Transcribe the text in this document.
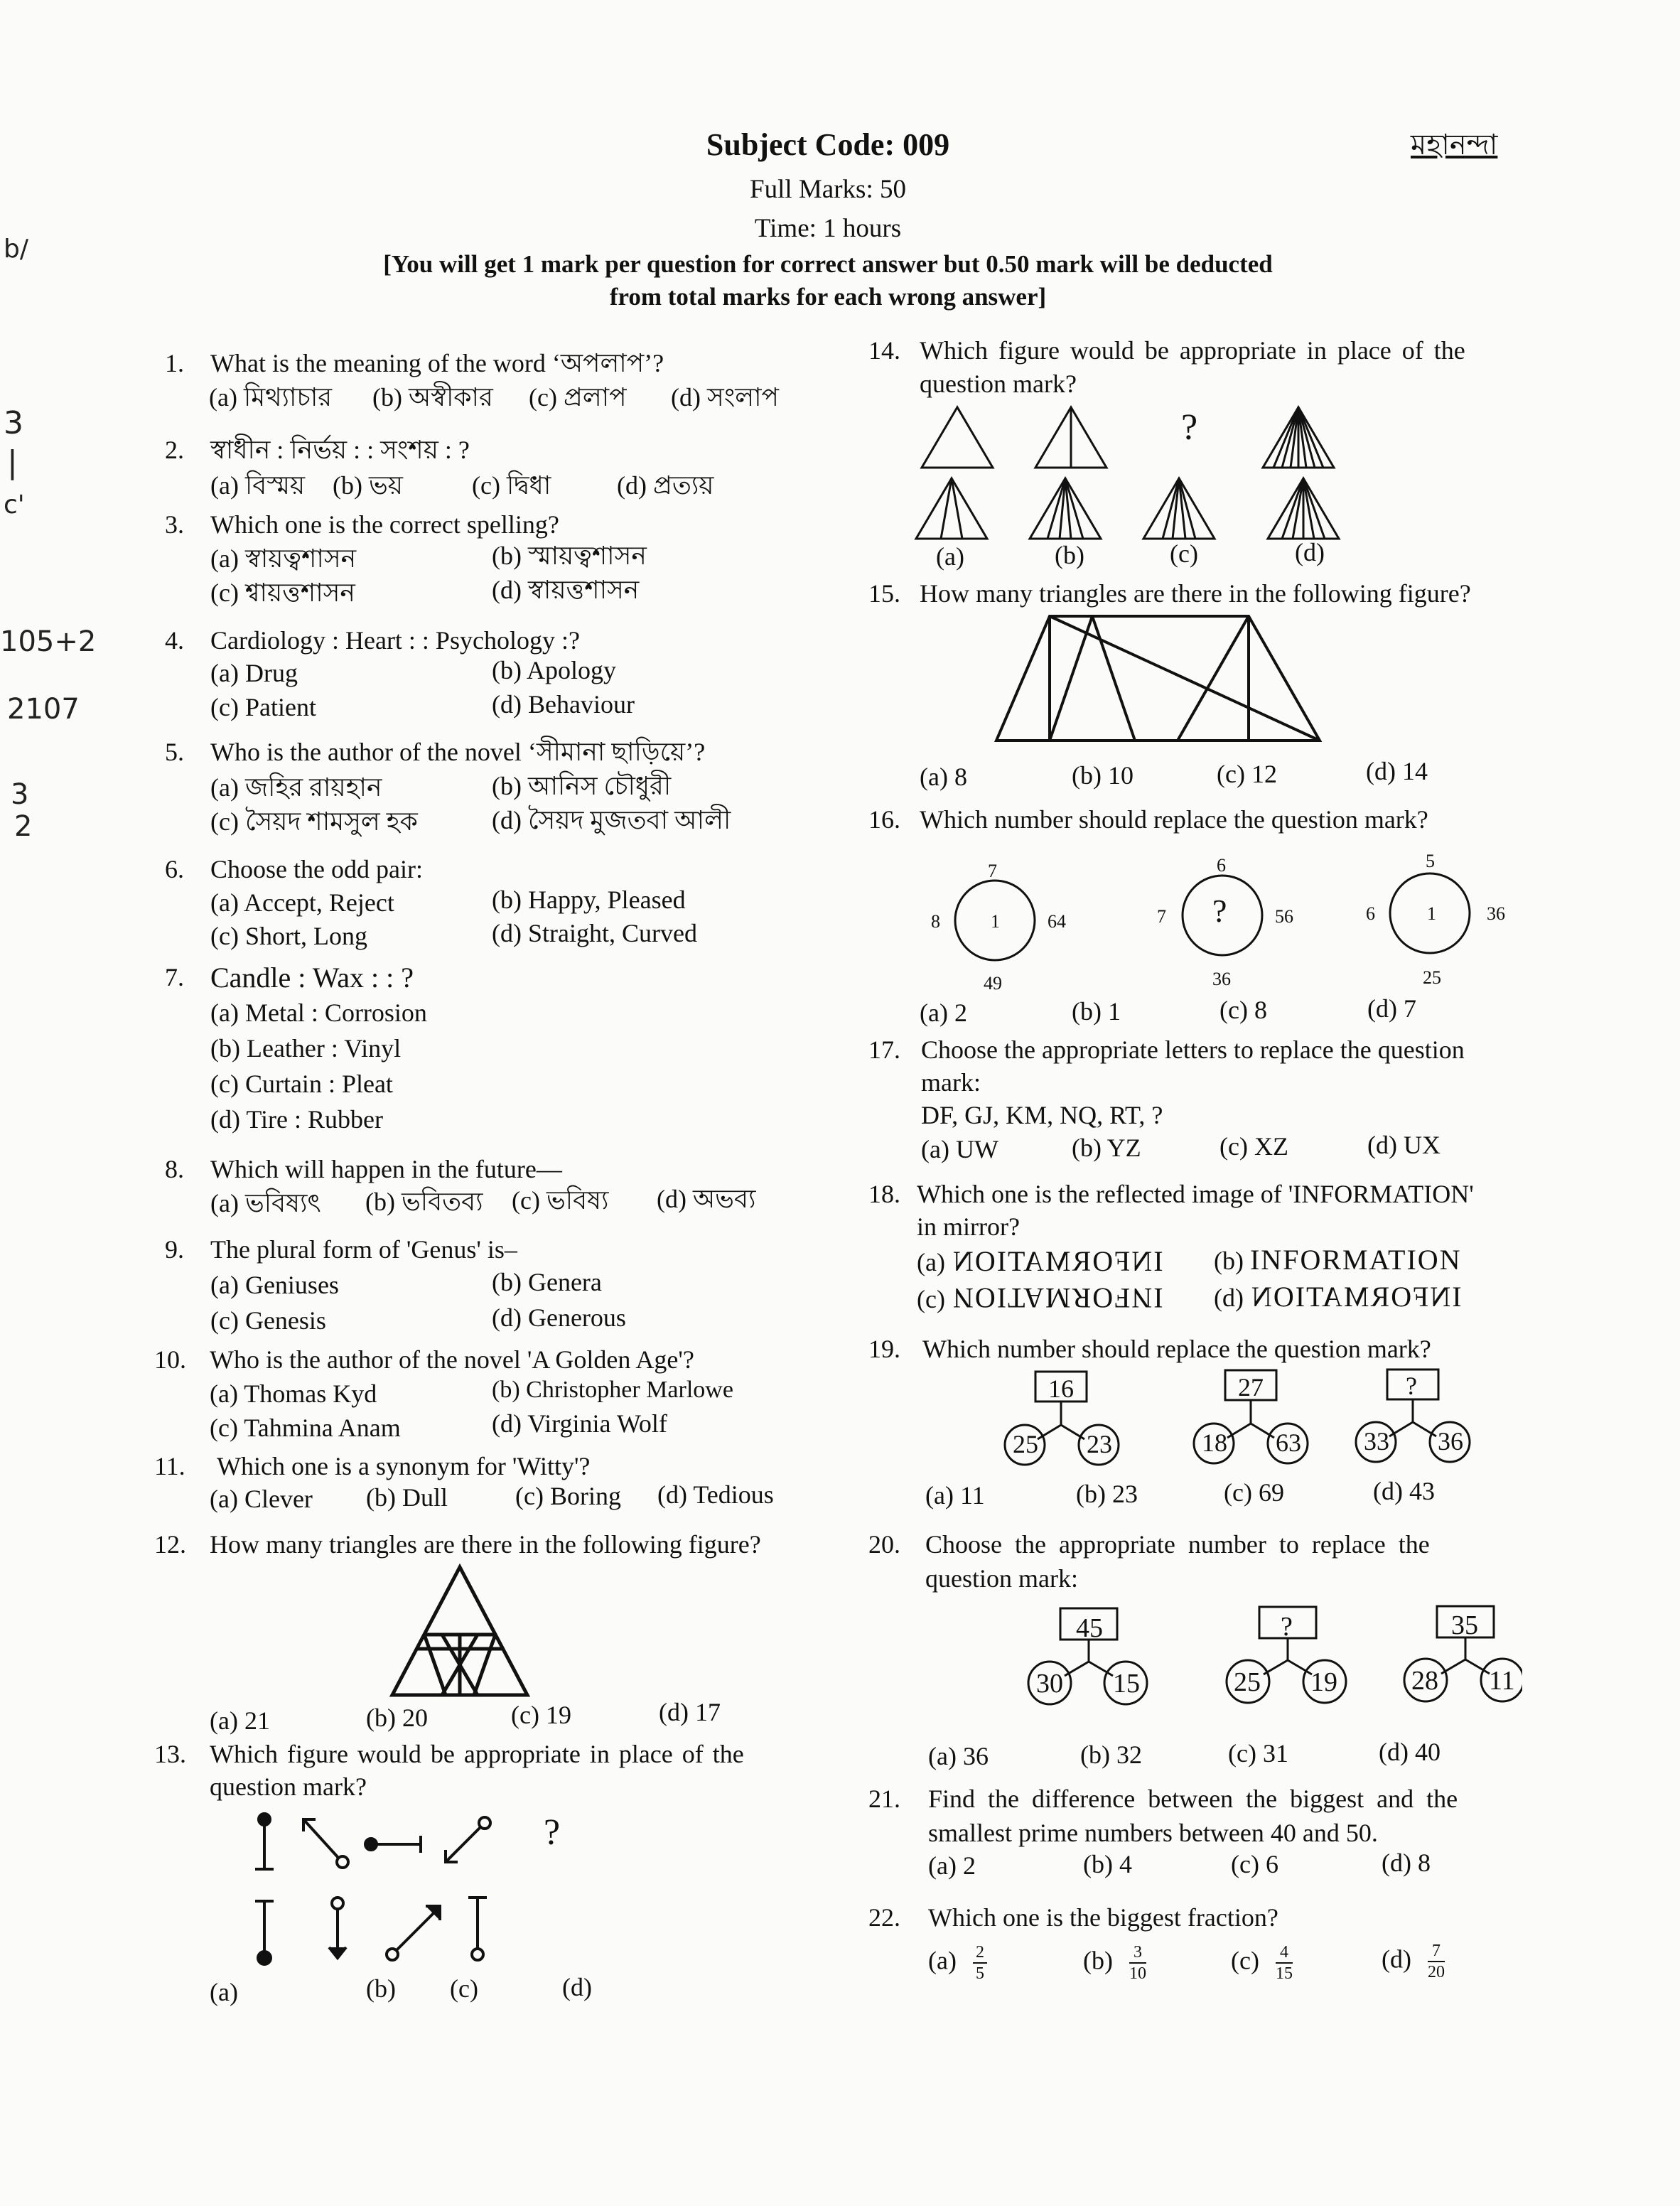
Subject Code: 009	মহানন্দা
Full Marks: 50
Time: 1 hours
[You will get 1 mark per question for correct answer but 0.50 mark will be deducted
from total marks for each wrong answer]
b/
3
|
c'
105+2
2107
3
2
1.	What is the meaning of the word ‘অপলাপ’?
(a) মিথ্যাচার (b) অস্বীকার (c) প্রলাপ (d) সংলাপ
2.	স্বাধীন : নির্ভয় : : সংশয় : ?
(a) বিস্ময় (b) ভয়	(c) দ্বিধা	(d) প্রত্যয়
3.	Which one is the correct spelling?
(a) স্বায়ত্বশাসন	(b) স্মায়ত্বশাসন
(c) শ্বায়ত্তশাসন	(d) স্বায়ত্তশাসন
4.	Cardiology : Heart : : Psychology :?
(a) Drug	(b) Apology
(c) Patient	(d) Behaviour
5.	Who is the author of the novel ‘সীমানা ছাড়িয়ে’?
(a) জহির রায়হান	(b) আনিস চৌধুরী
(c) সৈয়দ শামসুল হক	(d) সৈয়দ মুজতবা আলী
6.	Choose the odd pair:
(a) Accept, Reject	(b) Happy, Pleased
(c) Short, Long	(d) Straight, Curved
7. Candle : Wax : : ?
(a) Metal : Corrosion
(b) Leather : Vinyl
(c) Curtain : Pleat
(d) Tire : Rubber
8.	Which will happen in the future—
(a) ভবিষ্যৎ (b) ভবিতব্য (c) ভবিষ্য (d) অভব্য
9.	The plural form of 'Genus' is–
(a) Geniuses	(b) Genera
(c) Genesis	(d) Generous
10. Who is the author of the novel 'A Golden Age'?
(a) Thomas Kyd	(b) Christopher Marlowe
(c) Tahmina Anam	(d) Virginia Wolf
11.	Which one is a synonym for 'Witty'?
(a) Clever (b) Dull	(c) Boring (d) Tedious
12. How many triangles are there in the following figure?
(a) 21	(b) 20	(c) 19	(d) 17
13. Which figure would be appropriate in place of the
question mark?
?
(a)	(b) (c)	(d)
14. Which figure would be appropriate in place of the
question mark?
?
(a)	(b)	(c)	(d)
15. How many triangles are there in the following figure?
(a) 8	(b) 10	(c) 12	(d) 14
16. Which number should replace the question mark?
7
8	1	64
49
6
7 ?	56
36
5
6	1	36
25
(a) 2	(b) 1	(c) 8	(d) 7
17. Choose the appropriate letters to replace the question
mark:
DF, GJ, KM, NQ, RT, ?
(a) UW	(b) YZ	(c) XZ	(d) UX
18. Which one is the reflected image of 'INFORMATION'
in mirror?
(a) INFORMATION (b) INFORMATION
(c) INFORMATION (d) INFORMATION
19. Which number should replace the question mark?
16
25 23
27
18 63
?
33 36
(a) 11	(b) 23	(c) 69	(d) 43
20. Choose  the  appropriate  number  to  replace  the
question mark:
45
30 15
?
25 19
35
28 11
(a) 36	(b) 32	(c) 31	(d) 40
21.	Find  the  difference  between  the  biggest  and  the
smallest prime numbers between 40 and 50.
(a) 2	(b) 4	(c) 6	(d) 8
22.	Which one is the biggest fraction?
$(a) \frac{2}{5}$	$(b) \frac{3}{10}$	$(c) \frac{4}{15}$	$(d) \frac{7}{20}$
